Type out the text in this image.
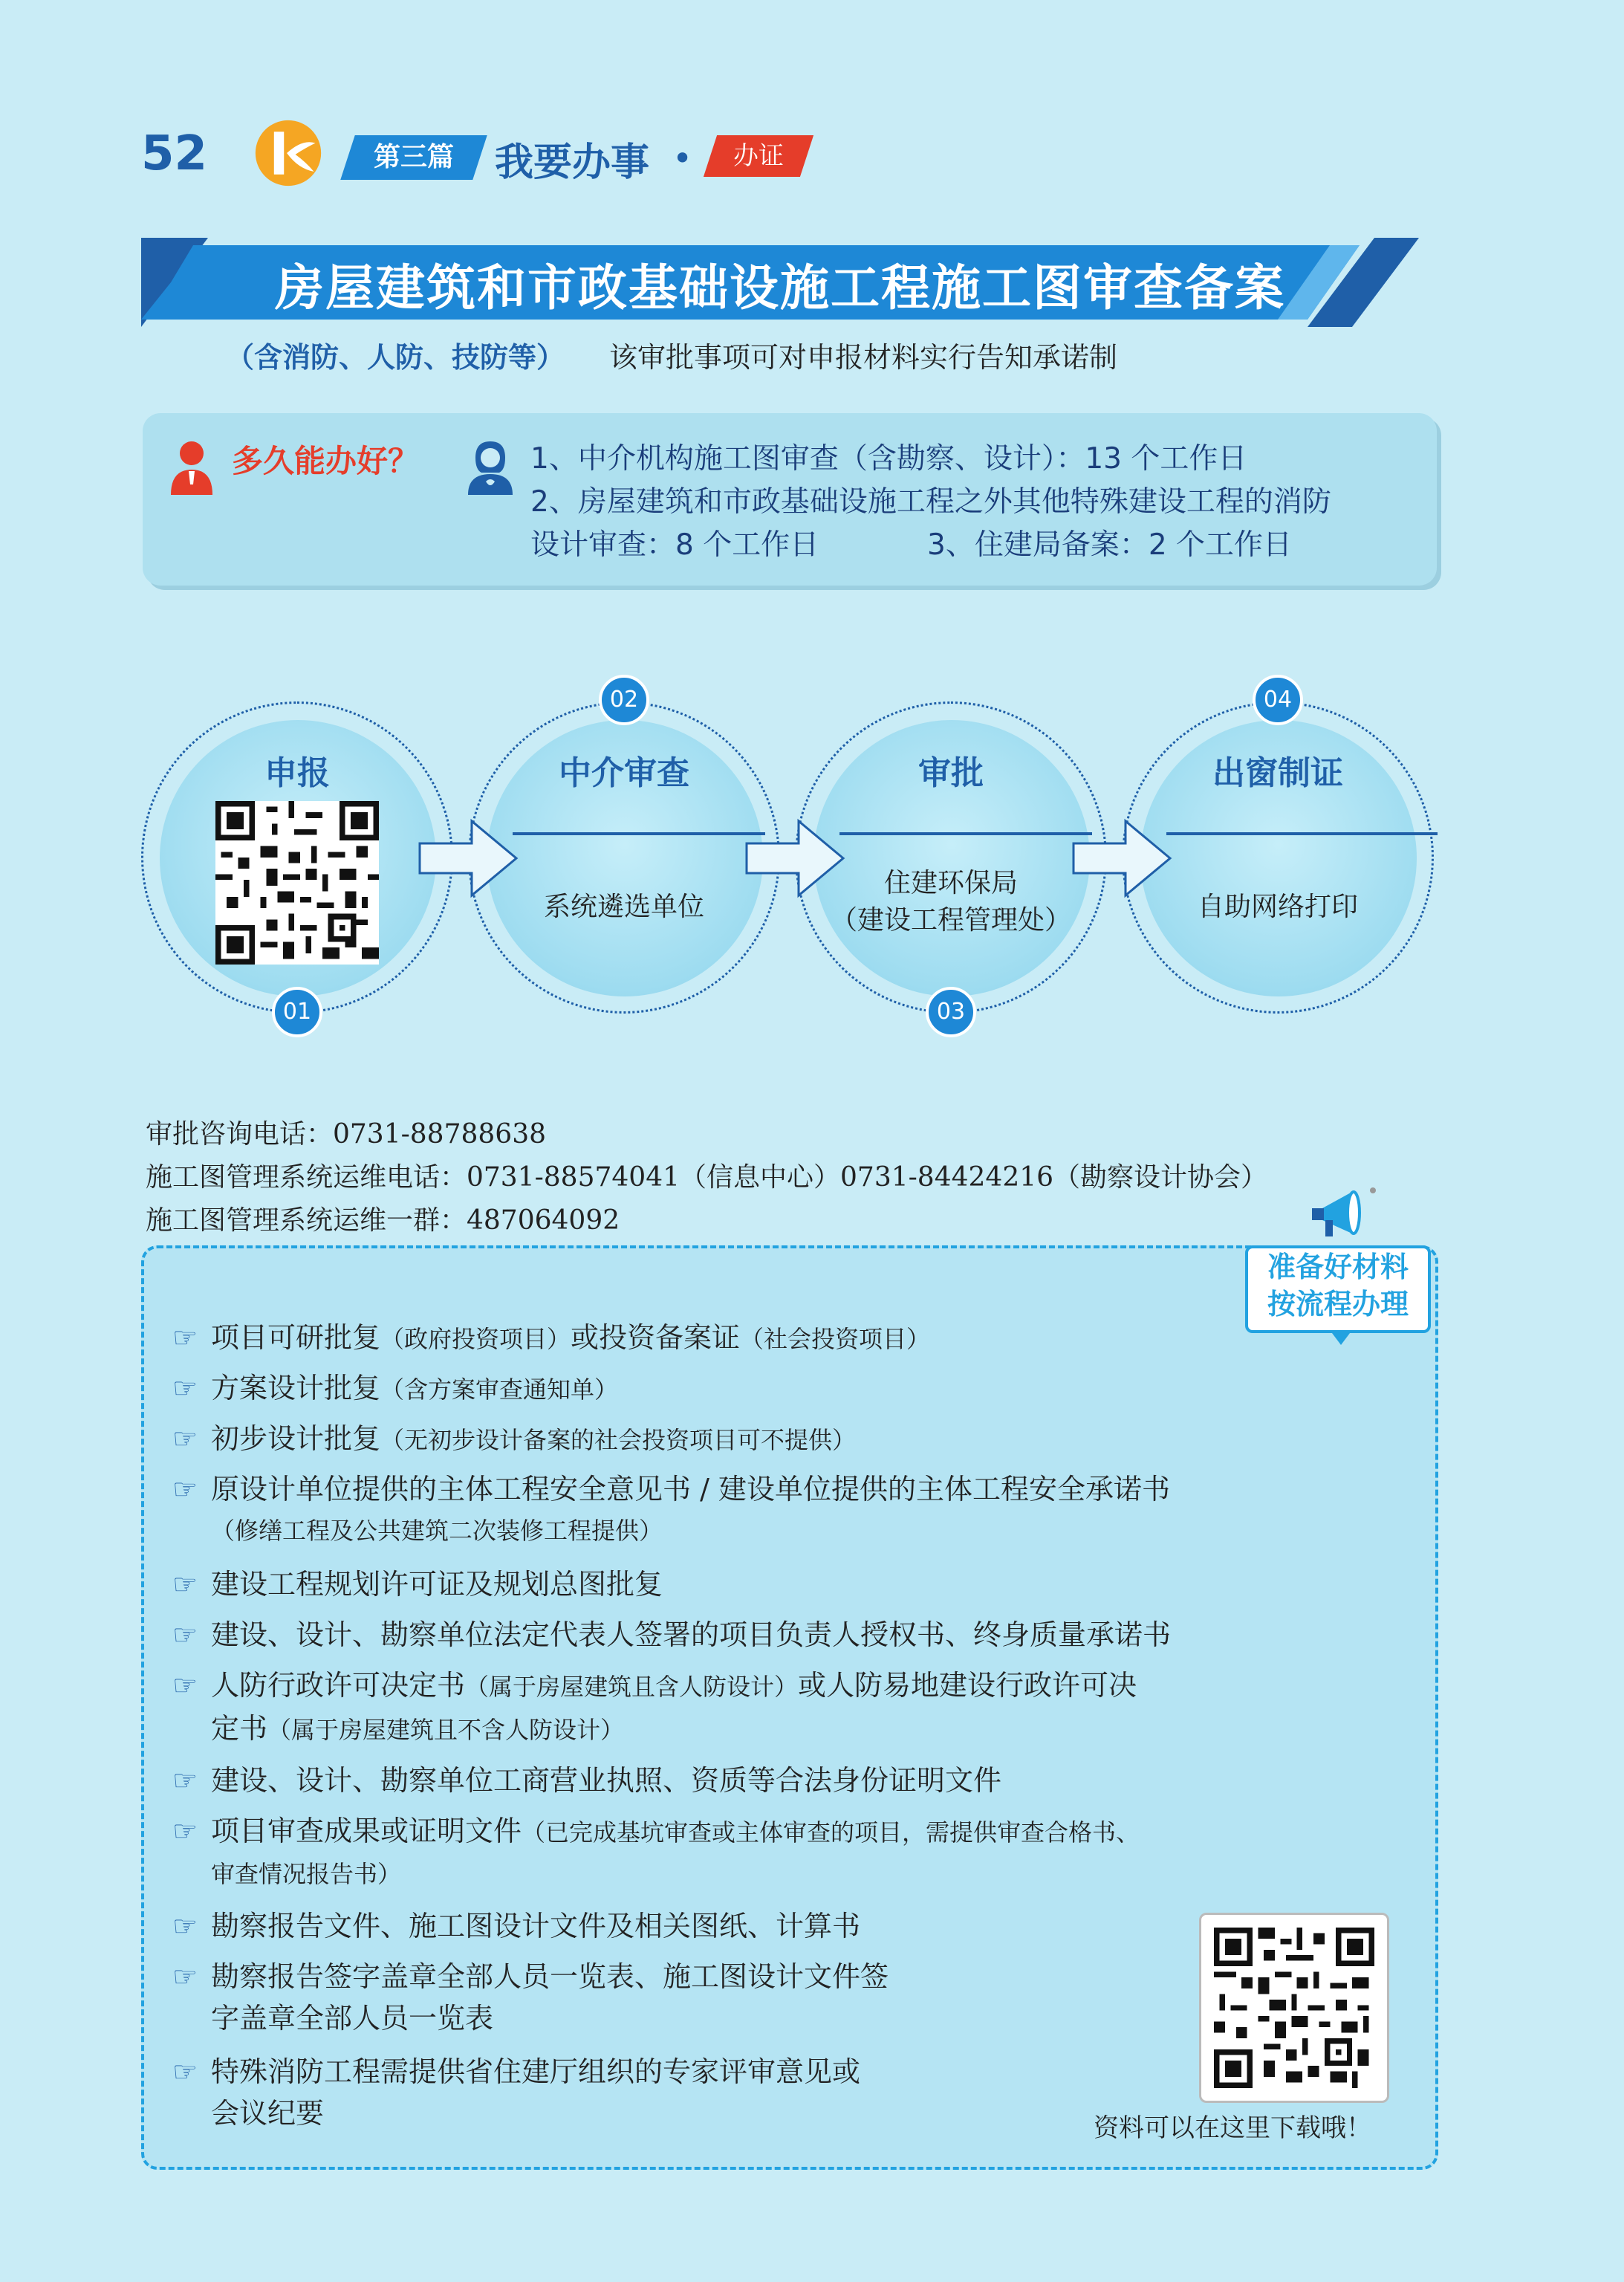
52	第三篇	我要办事 •	办证
房屋建筑和市政基础设施工程施工图审查备案
（含消防、人防、技防等） 该审批事项可对申报材料实行告知承诺制
多久能办好？	1、中介机构施工图审查（含勘察、设计）：13 个工作日
2、房屋建筑和市政基础设施工程之外其他特殊建设工程的消防
设计审查：8 个工作日	3、住建局备案：2 个工作日
申报	中介审查	审批	出窗制证
系统遴选单位
住建环保局
（建设工程管理处）	自助网络打印
01
02
03
04
审批咨询电话：0731-88788638
施工图管理系统运维电话：0731-88574041（信息中心）0731-84424216（勘察设计协会）
施工图管理系统运维一群：487064092
准备好材料
按流程办理
☞ 项目可研批复（政府投资项目）或投资备案证（社会投资项目）
☞ 方案设计批复（含方案审查通知单）
☞ 初步设计批复（无初步设计备案的社会投资项目可不提供）
☞ 原设计单位提供的主体工程安全意见书 / 建设单位提供的主体工程安全承诺书
（修缮工程及公共建筑二次装修工程提供）
☞ 建设工程规划许可证及规划总图批复
☞ 建设、设计、勘察单位法定代表人签署的项目负责人授权书、终身质量承诺书
☞ 人防行政许可决定书（属于房屋建筑且含人防设计）或人防易地建设行政许可决
定书（属于房屋建筑且不含人防设计）
☞ 建设、设计、勘察单位工商营业执照、资质等合法身份证明文件
☞ 项目审查成果或证明文件（已完成基坑审查或主体审查的项目，需提供审查合格书、
审查情况报告书）
☞ 勘察报告文件、施工图设计文件及相关图纸、计算书
☞ 勘察报告签字盖章全部人员一览表、施工图设计文件签
字盖章全部人员一览表
☞ 特殊消防工程需提供省住建厅组织的专家评审意见或
会议纪要	资料可以在这里下载哦！
